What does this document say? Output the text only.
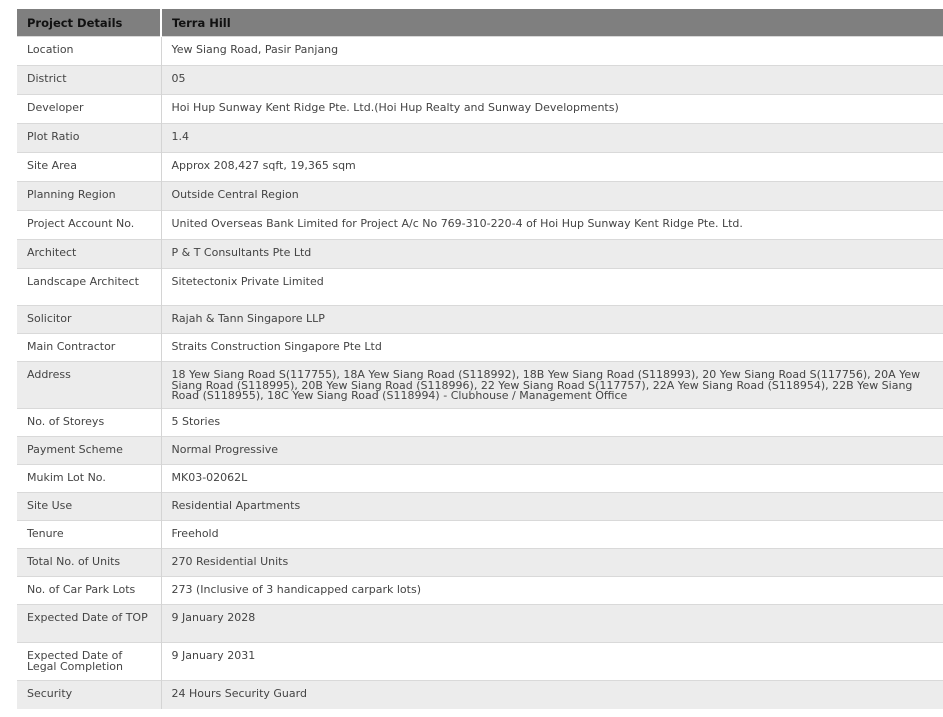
Project Details	Terra Hill
Location	Yew Siang Road, Pasir Panjang
District	05
Developer	Hoi Hup Sunway Kent Ridge Pte. Ltd.(Hoi Hup Realty and Sunway Developments)
Plot Ratio	1.4
Site Area	Approx 208,427 sqft, 19,365 sqm
Planning Region	Outside Central Region
Project Account No.	United Overseas Bank Limited for Project A/c No 769-310-220-4 of Hoi Hup Sunway Kent Ridge Pte. Ltd.
Architect	P & T Consultants Pte Ltd
Landscape Architect	Sitetectonix Private Limited
Solicitor	Rajah & Tann Singapore LLP
Main Contractor	Straits Construction Singapore Pte Ltd
Address	18 Yew Siang Road S(117755), 18A Yew Siang Road (S118992), 18B Yew Siang Road (S118993), 20 Yew Siang Road S(117756), 20A Yew Siang Road (S118995), 20B Yew Siang Road (S118996), 22 Yew Siang Road S(117757), 22A Yew Siang Road (S118954), 22B Yew Siang Road (S118955), 18C Yew Siang Road (S118994) - Clubhouse / Management Office
No. of Storeys	5 Stories
Payment Scheme	Normal Progressive
Mukim Lot No.	MK03-02062L
Site Use	Residential Apartments
Tenure	Freehold
Total No. of Units	270 Residential Units
No. of Car Park Lots	273 (Inclusive of 3 handicapped carpark lots)
Expected Date of TOP	9 January 2028
Expected Date of Legal Completion	9 January 2031
Security	24 Hours Security Guard
